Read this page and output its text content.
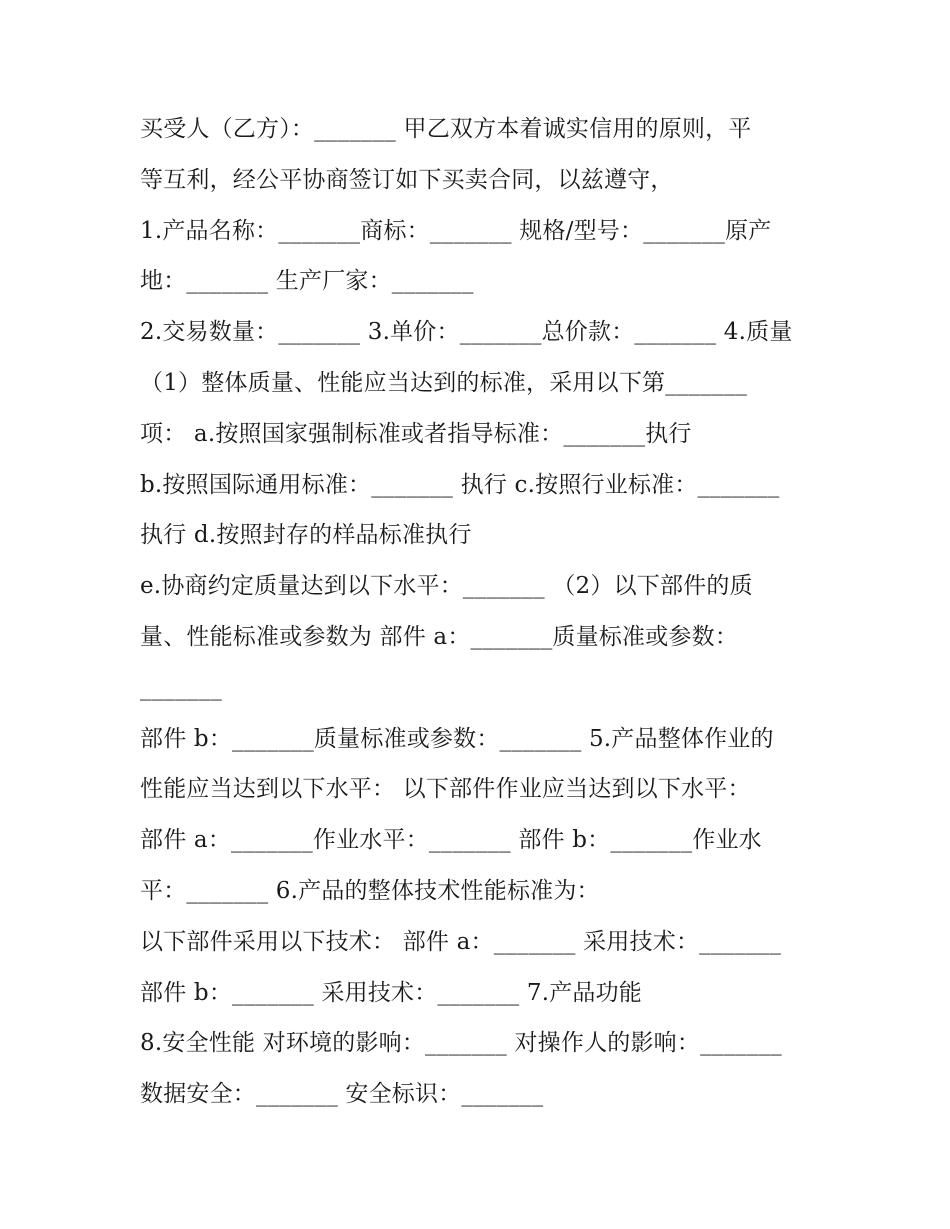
买受人（乙方）：_______ 甲乙双方本着诚实信用的原则，平
等互利，经公平协商签订如下买卖合同，以兹遵守，
1.产品名称：_______商标：_______ 规格/型号：_______原产
地：_______ 生产厂家：_______
2.交易数量：_______ 3.单价：_______总价款：_______ 4.质量
（1）整体质量、性能应当达到的标准，采用以下第_______
项： a.按照国家强制标准或者指导标准：_______执行
b.按照国际通用标准：_______ 执行 c.按照行业标准：_______
执行 d.按照封存的样品标准执行
e.协商约定质量达到以下水平：_______ （2）以下部件的质
量、性能标准或参数为 部件 a：_______质量标准或参数：
_______
部件 b：_______质量标准或参数：_______ 5.产品整体作业的
性能应当达到以下水平： 以下部件作业应当达到以下水平：
部件 a：_______作业水平：_______ 部件 b：_______作业水
平：_______ 6.产品的整体技术性能标准为：
以下部件采用以下技术： 部件 a：_______ 采用技术：_______
部件 b：_______ 采用技术：_______ 7.产品功能
8.安全性能 对环境的影响：_______ 对操作人的影响：_______
数据安全：_______ 安全标识：_______
